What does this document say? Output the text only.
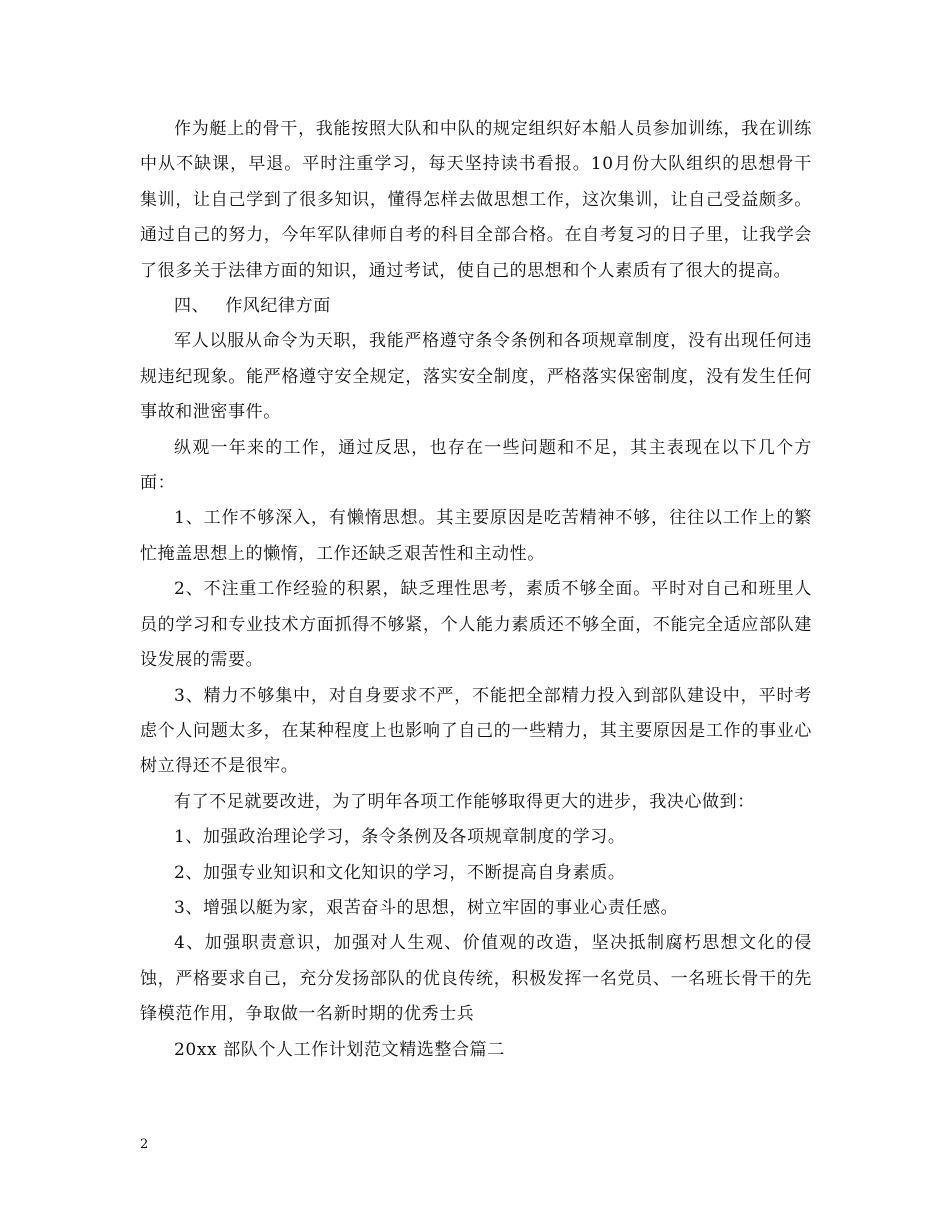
作为艇上的骨干，我能按照大队和中队的规定组织好本船人员参加训练，我在训练中从不缺课，早退。平时注重学习，每天坚持读书看报。10月份大队组织的思想骨干集训，让自己学到了很多知识，懂得怎样去做思想工作，这次集训，让自己受益颇多。通过自己的努力，今年军队律师自考的科目全部合格。在自考复习的日子里，让我学会了很多关于法律方面的知识，通过考试，使自己的思想和个人素质有了很大的提高。

四、 作风纪律方面

军人以服从命令为天职，我能严格遵守条令条例和各项规章制度，没有出现任何违规违纪现象。能严格遵守安全规定，落实安全制度，严格落实保密制度，没有发生任何事故和泄密事件。

纵观一年来的工作，通过反思，也存在一些问题和不足，其主表现在以下几个方面：

1、工作不够深入，有懒惰思想。其主要原因是吃苦精神不够，往往以工作上的繁忙掩盖思想上的懒惰，工作还缺乏艰苦性和主动性。

2、不注重工作经验的积累，缺乏理性思考，素质不够全面。平时对自己和班里人员的学习和专业技术方面抓得不够紧，个人能力素质还不够全面，不能完全适应部队建设发展的需要。

3、精力不够集中，对自身要求不严，不能把全部精力投入到部队建设中，平时考虑个人问题太多，在某种程度上也影响了自己的一些精力，其主要原因是工作的事业心树立得还不是很牢。

有了不足就要改进，为了明年各项工作能够取得更大的进步，我决心做到：

1、加强政治理论学习，条令条例及各项规章制度的学习。

2、加强专业知识和文化知识的学习，不断提高自身素质。

3、增强以艇为家，艰苦奋斗的思想，树立牢固的事业心责任感。

4、加强职责意识，加强对人生观、价值观的改造，坚决抵制腐朽思想文化的侵蚀，严格要求自己，充分发扬部队的优良传统，积极发挥一名党员、一名班长骨干的先锋模范作用，争取做一名新时期的优秀士兵

20xx 部队个人工作计划范文精选整合篇二

2
